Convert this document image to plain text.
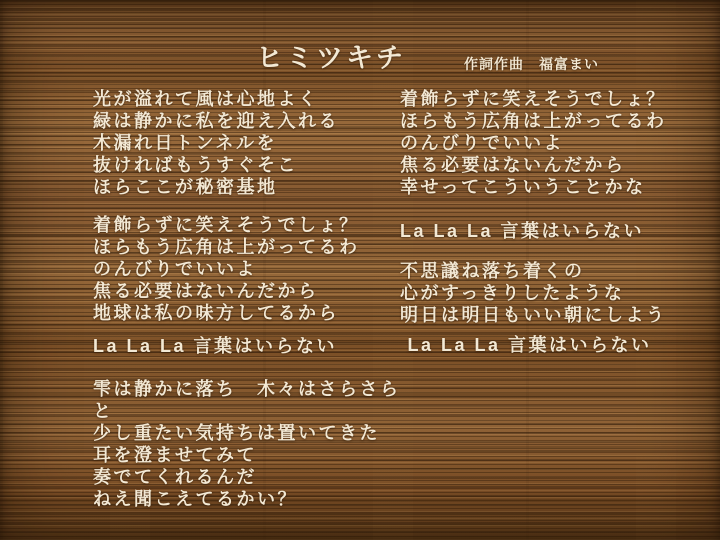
ヒミツキチ	作詞作曲　福富まい
光が溢れて風は心地よく
緑は静かに私を迎え入れる
木漏れ日トンネルを
抜ければもうすぐそこ
ほらここが秘密基地
着飾らずに笑えそうでしょ？
ほらもう広角は上がってるわ
のんびりでいいよ
焦る必要はないんだから
地球は私の味方してるから
La La La 言葉はいらない
雫は静かに落ち　木々はさらさら
と
少し重たい気持ちは置いてきた
耳を澄ませてみて
奏でてくれるんだ
ねえ聞こえてるかい？
着飾らずに笑えそうでしょ？
ほらもう広角は上がってるわ
のんびりでいいよ
焦る必要はないんだから
幸せってこういうことかな
La La La 言葉はいらない
不思議ね落ち着くの
心がすっきりしたような
明日は明日もいい朝にしよう
La La La 言葉はいらない
